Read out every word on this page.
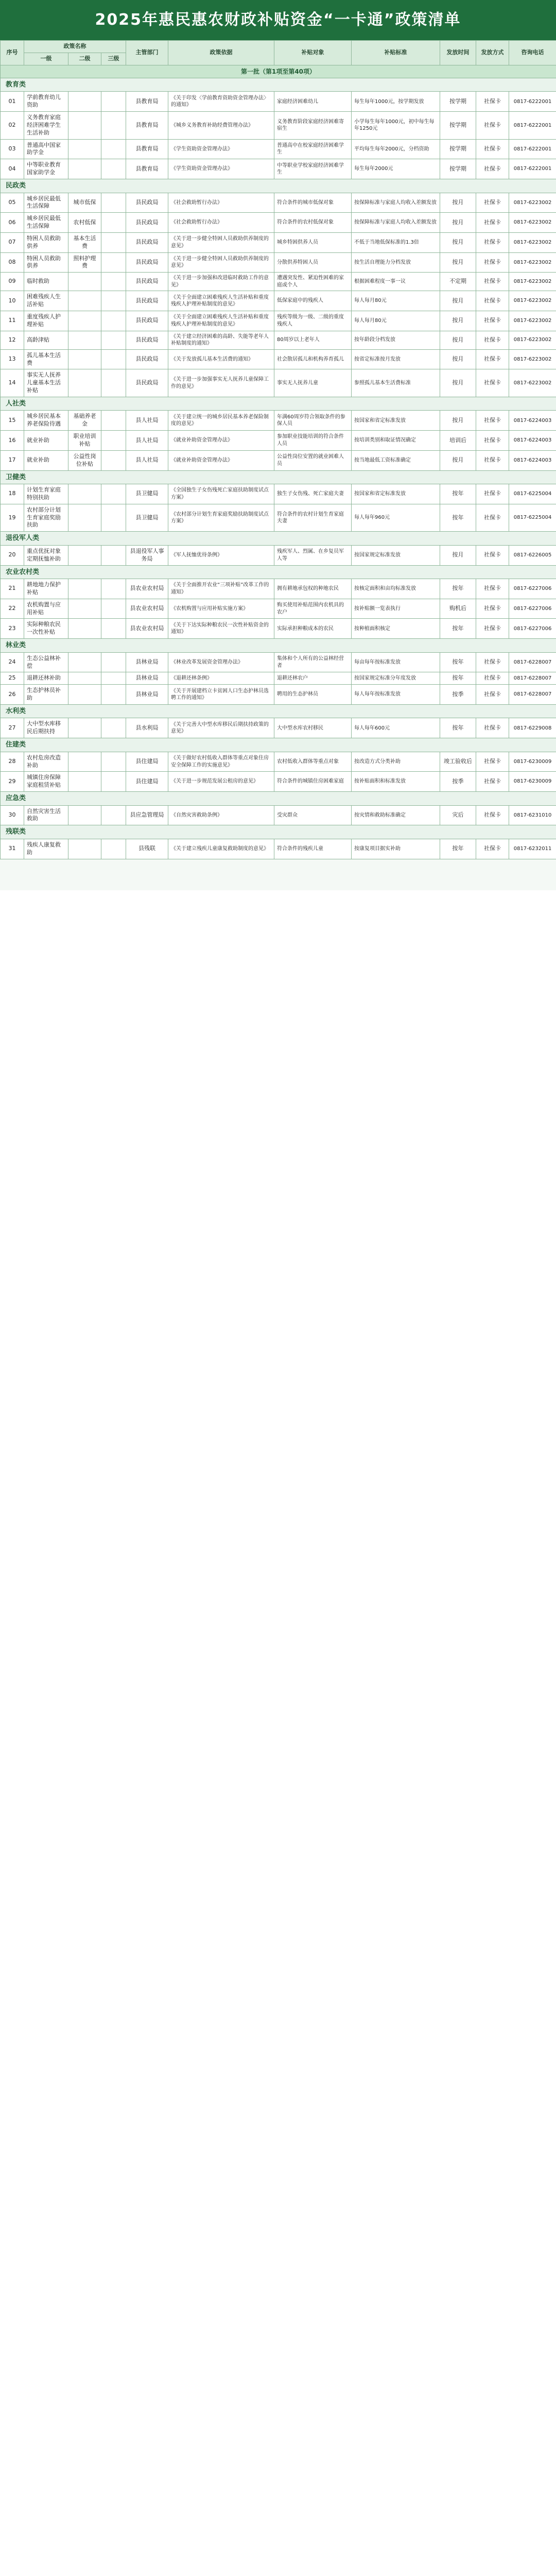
2025年惠民惠农财政补贴资金“一卡通”政策清单
序号	政策名称			主管部门	政策依据	补贴对象	补贴标准	发放时间	发放方式	咨询电话
	一级	二级	三级							
第一批（第1项至第40项）										
教育类										
01	学前教育幼儿资助			县教育局	《关于印发〈学前教育资助资金管理办法〉的通知》	家庭经济困难幼儿	每生每年1000元，按学期发放	按学期	社保卡	0817-6222001
02	义务教育家庭经济困难学生生活补助			县教育局	《城乡义务教育补助经费管理办法》	义务教育阶段家庭经济困难寄宿生	小学每生每年1000元，初中每生每年1250元	按学期	社保卡	0817-6222001
03	普通高中国家助学金			县教育局	《学生资助资金管理办法》	普通高中在校家庭经济困难学生	平均每生每年2000元，分档资助	按学期	社保卡	0817-6222001
04	中等职业教育国家助学金			县教育局	《学生资助资金管理办法》	中等职业学校家庭经济困难学生	每生每年2000元	按学期	社保卡	0817-6222001
民政类										
05	城乡居民最低生活保障	城市低保		县民政局	《社会救助暂行办法》	符合条件的城市低保对象	按保障标准与家庭人均收入差额发放	按月	社保卡	0817-6223002
06	城乡居民最低生活保障	农村低保		县民政局	《社会救助暂行办法》	符合条件的农村低保对象	按保障标准与家庭人均收入差额发放	按月	社保卡	0817-6223002
07	特困人员救助供养	基本生活费		县民政局	《关于进一步健全特困人员救助供养制度的意见》	城乡特困供养人员	不低于当地低保标准的1.3倍	按月	社保卡	0817-6223002
08	特困人员救助供养	照料护理费		县民政局	《关于进一步健全特困人员救助供养制度的意见》	分散供养特困人员	按生活自理能力分档发放	按月	社保卡	0817-6223002
09	临时救助			县民政局	《关于进一步加强和改进临时救助工作的意见》	遭遇突发性、紧迫性困难的家庭或个人	根据困难程度一事一议	不定期	社保卡	0817-6223002
10	困难残疾人生活补贴			县民政局	《关于全面建立困难残疾人生活补贴和重度残疾人护理补贴制度的意见》	低保家庭中的残疾人	每人每月80元	按月	社保卡	0817-6223002
11	重度残疾人护理补贴			县民政局	《关于全面建立困难残疾人生活补贴和重度残疾人护理补贴制度的意见》	残疾等级为一级、二级的重度残疾人	每人每月80元	按月	社保卡	0817-6223002
12	高龄津贴			县民政局	《关于建立经济困难的高龄、失能等老年人补贴制度的通知》	80周岁以上老年人	按年龄段分档发放	按月	社保卡	0817-6223002
13	孤儿基本生活费			县民政局	《关于发放孤儿基本生活费的通知》	社会散居孤儿和机构养育孤儿	按省定标准按月发放	按月	社保卡	0817-6223002
14	事实无人抚养儿童基本生活补贴			县民政局	《关于进一步加强事实无人抚养儿童保障工作的意见》	事实无人抚养儿童	参照孤儿基本生活费标准	按月	社保卡	0817-6223002
人社类										
15	城乡居民基本养老保险待遇	基础养老金		县人社局	《关于建立统一的城乡居民基本养老保险制度的意见》	年满60周岁符合领取条件的参保人员	按国家和省定标准发放	按月	社保卡	0817-6224003
16	就业补助	职业培训补贴		县人社局	《就业补助资金管理办法》	参加职业技能培训的符合条件人员	按培训类别和取证情况确定	培训后	社保卡	0817-6224003
17	就业补助	公益性岗位补贴		县人社局	《就业补助资金管理办法》	公益性岗位安置的就业困难人员	按当地最低工资标准确定	按月	社保卡	0817-6224003
卫健类										
18	计划生育家庭特别扶助			县卫健局	《全国独生子女伤残死亡家庭扶助制度试点方案》	独生子女伤残、死亡家庭夫妻	按国家和省定标准发放	按年	社保卡	0817-6225004
19	农村部分计划生育家庭奖励扶助			县卫健局	《农村部分计划生育家庭奖励扶助制度试点方案》	符合条件的农村计划生育家庭夫妻	每人每年960元	按年	社保卡	0817-6225004
退役军人类										
20	重点优抚对象定期抚恤补助			县退役军人事务局	《军人抚恤优待条例》	残疾军人、烈属、在乡复员军人等	按国家规定标准发放	按月	社保卡	0817-6226005
农业农村类										
21	耕地地力保护补贴			县农业农村局	《关于全面推开农业“三项补贴”改革工作的通知》	拥有耕地承包权的种地农民	按核定面积和亩均标准发放	按年	社保卡	0817-6227006
22	农机购置与应用补贴			县农业农村局	《农机购置与应用补贴实施方案》	购买使用补贴范围内农机具的农户	按补贴额一览表执行	购机后	社保卡	0817-6227006
23	实际种粮农民一次性补贴			县农业农村局	《关于下达实际种粮农民一次性补贴资金的通知》	实际承担种粮成本的农民	按种植面积核定	按年	社保卡	0817-6227006
林业类										
24	生态公益林补偿			县林业局	《林业改革发展资金管理办法》	集体和个人所有的公益林经营者	每亩每年按标准发放	按年	社保卡	0817-6228007
25	退耕还林补助			县林业局	《退耕还林条例》	退耕还林农户	按国家规定标准分年度发放	按年	社保卡	0817-6228007
26	生态护林员补助			县林业局	《关于开展建档立卡贫困人口生态护林员选聘工作的通知》	聘用的生态护林员	每人每年按标准发放	按季	社保卡	0817-6228007
水利类										
27	大中型水库移民后期扶持			县水利局	《关于完善大中型水库移民后期扶持政策的意见》	大中型水库农村移民	每人每年600元	按年	社保卡	0817-6229008
住建类										
28	农村危房改造补助			县住建局	《关于做好农村低收入群体等重点对象住房安全保障工作的实施意见》	农村低收入群体等重点对象	按改造方式分类补助	竣工验收后	社保卡	0817-6230009
29	城镇住房保障家庭租赁补贴			县住建局	《关于进一步规范发展公租房的意见》	符合条件的城镇住房困难家庭	按补贴面积和标准发放	按季	社保卡	0817-6230009
应急类										
30	自然灾害生活救助			县应急管理局	《自然灾害救助条例》	受灾群众	按灾情和救助标准确定	灾后	社保卡	0817-6231010
残联类										
31	残疾人康复救助			县残联	《关于建立残疾儿童康复救助制度的意见》	符合条件的残疾儿童	按康复项目据实补助	按年	社保卡	0817-6232011
